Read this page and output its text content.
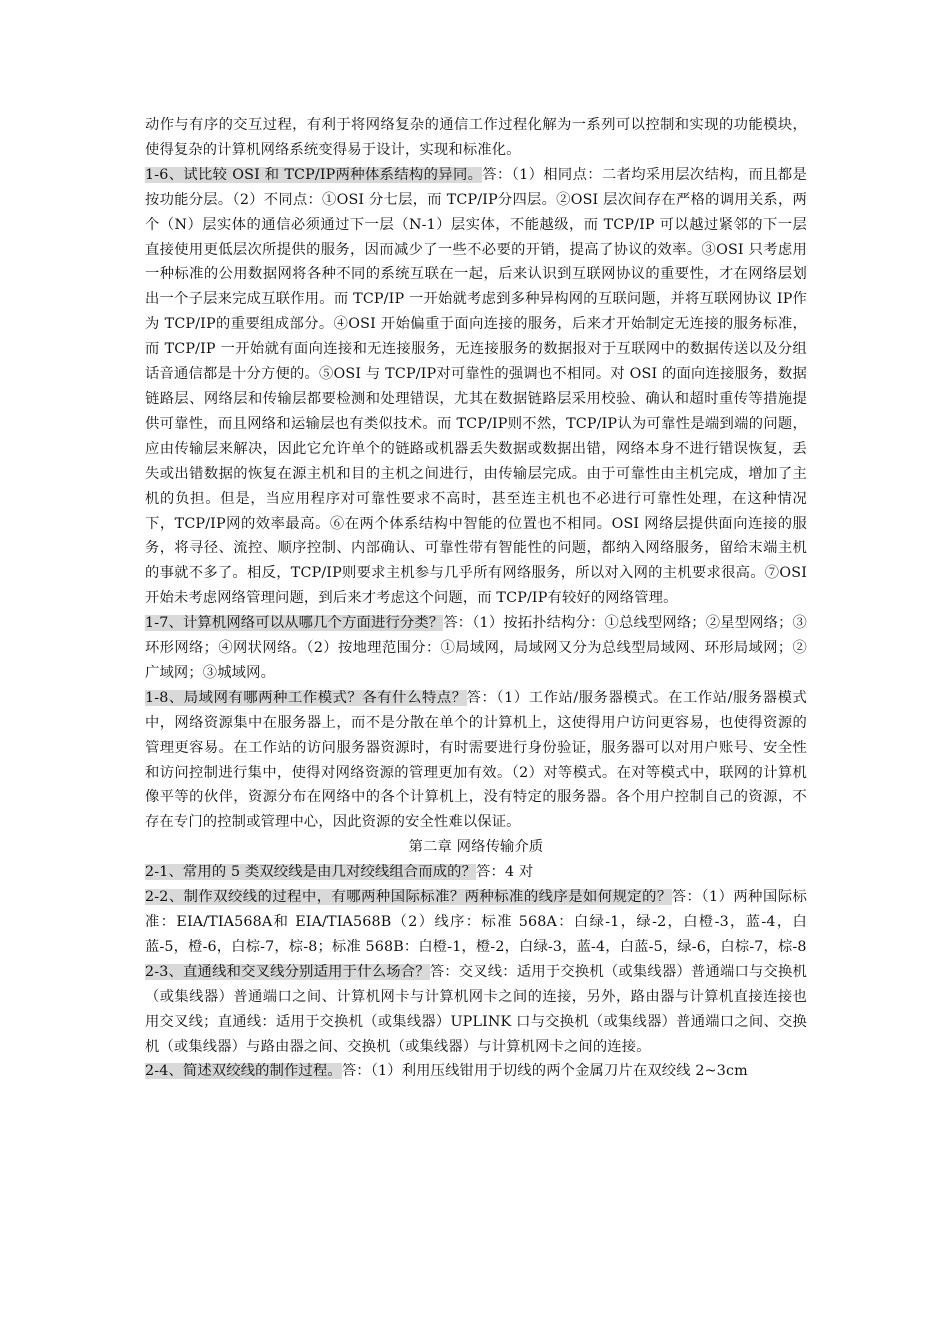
动作与有序的交互过程，有利于将网络复杂的通信工作过程化解为一系列可以控制和实现的功能模块，使得复杂的计算机网络系统变得易于设计，实现和标准化。

1-6、试比较 OSI 和 TCP/IP两种体系结构的异同。答：（1）相同点：二者均采用层次结构，而且都是按功能分层。（2）不同点：①OSI 分七层，而 TCP/IP分四层。②OSI 层次间存在严格的调用关系，两个（N）层实体的通信必须通过下一层（N-1）层实体，不能越级，而 TCP/IP 可以越过紧邻的下一层直接使用更低层次所提供的服务，因而减少了一些不必要的开销，提高了协议的效率。③OSI 只考虑用一种标准的公用数据网将各种不同的系统互联在一起，后来认识到互联网协议的重要性，才在网络层划出一个子层来完成互联作用。而 TCP/IP 一开始就考虑到多种异构网的互联问题，并将互联网协议 IP作为 TCP/IP的重要组成部分。④OSI 开始偏重于面向连接的服务，后来才开始制定无连接的服务标准，而 TCP/IP 一开始就有面向连接和无连接服务，无连接服务的数据报对于互联网中的数据传送以及分组话音通信都是十分方便的。⑤OSI 与 TCP/IP对可靠性的强调也不相同。对 OSI 的面向连接服务，数据链路层、网络层和传输层都要检测和处理错误，尤其在数据链路层采用校验、确认和超时重传等措施提供可靠性，而且网络和运输层也有类似技术。而 TCP/IP则不然，TCP/IP认为可靠性是端到端的问题，应由传输层来解决，因此它允许单个的链路或机器丢失数据或数据出错，网络本身不进行错误恢复，丢失或出错数据的恢复在源主机和目的主机之间进行，由传输层完成。由于可靠性由主机完成，增加了主机的负担。但是，当应用程序对可靠性要求不高时，甚至连主机也不必进行可靠性处理，在这种情况下，TCP/IP网的效率最高。⑥在两个体系结构中智能的位置也不相同。OSI 网络层提供面向连接的服务，将寻径、流控、顺序控制、内部确认、可靠性带有智能性的问题，都纳入网络服务，留给末端主机的事就不多了。相反，TCP/IP则要求主机参与几乎所有网络服务，所以对入网的主机要求很高。⑦OSI 开始未考虑网络管理问题，到后来才考虑这个问题，而 TCP/IP有较好的网络管理。

1-7、计算机网络可以从哪几个方面进行分类？答：（1）按拓扑结构分：①总线型网络；②星型网络；③环形网络；④网状网络。（2）按地理范围分：①局域网，局域网又分为总线型局域网、环形局域网；②广域网；③城域网。

1-8、局域网有哪两种工作模式？各有什么特点？答：（1）工作站/服务器模式。在工作站/服务器模式中，网络资源集中在服务器上，而不是分散在单个的计算机上，这使得用户访问更容易，也使得资源的管理更容易。在工作站的访问服务器资源时，有时需要进行身份验证，服务器可以对用户账号、安全性和访问控制进行集中，使得对网络资源的管理更加有效。（2）对等模式。在对等模式中，联网的计算机像平等的伙伴，资源分布在网络中的各个计算机上，没有特定的服务器。各个用户控制自己的资源，不存在专门的控制或管理中心，因此资源的安全性难以保证。

第二章 网络传输介质

2-1、常用的 5 类双绞线是由几对绞线组合而成的？答：4 对

2-2、制作双绞线的过程中，有哪两种国际标准？两种标准的线序是如何规定的？答：（1）两种国际标准：EIA/TIA568A和 EIA/TIA568B（2）线序：标准 568A：白绿-1，绿-2，白橙-3，蓝-4，白蓝-5，橙-6，白棕-7，棕-8；标准 568B：白橙-1，橙-2，白绿-3，蓝-4，白蓝-5，绿-6，白棕-7，棕-8

2-3、直通线和交叉线分别适用于什么场合？答：交叉线：适用于交换机（或集线器）普通端口与交换机（或集线器）普通端口之间、计算机网卡与计算机网卡之间的连接，另外，路由器与计算机直接连接也用交叉线；直通线：适用于交换机（或集线器）UPLINK 口与交换机（或集线器）普通端口之间、交换机（或集线器）与路由器之间、交换机（或集线器）与计算机网卡之间的连接。

2-4、简述双绞线的制作过程。答：（1）利用压线钳用于切线的两个金属刀片在双绞线 2~3cm
